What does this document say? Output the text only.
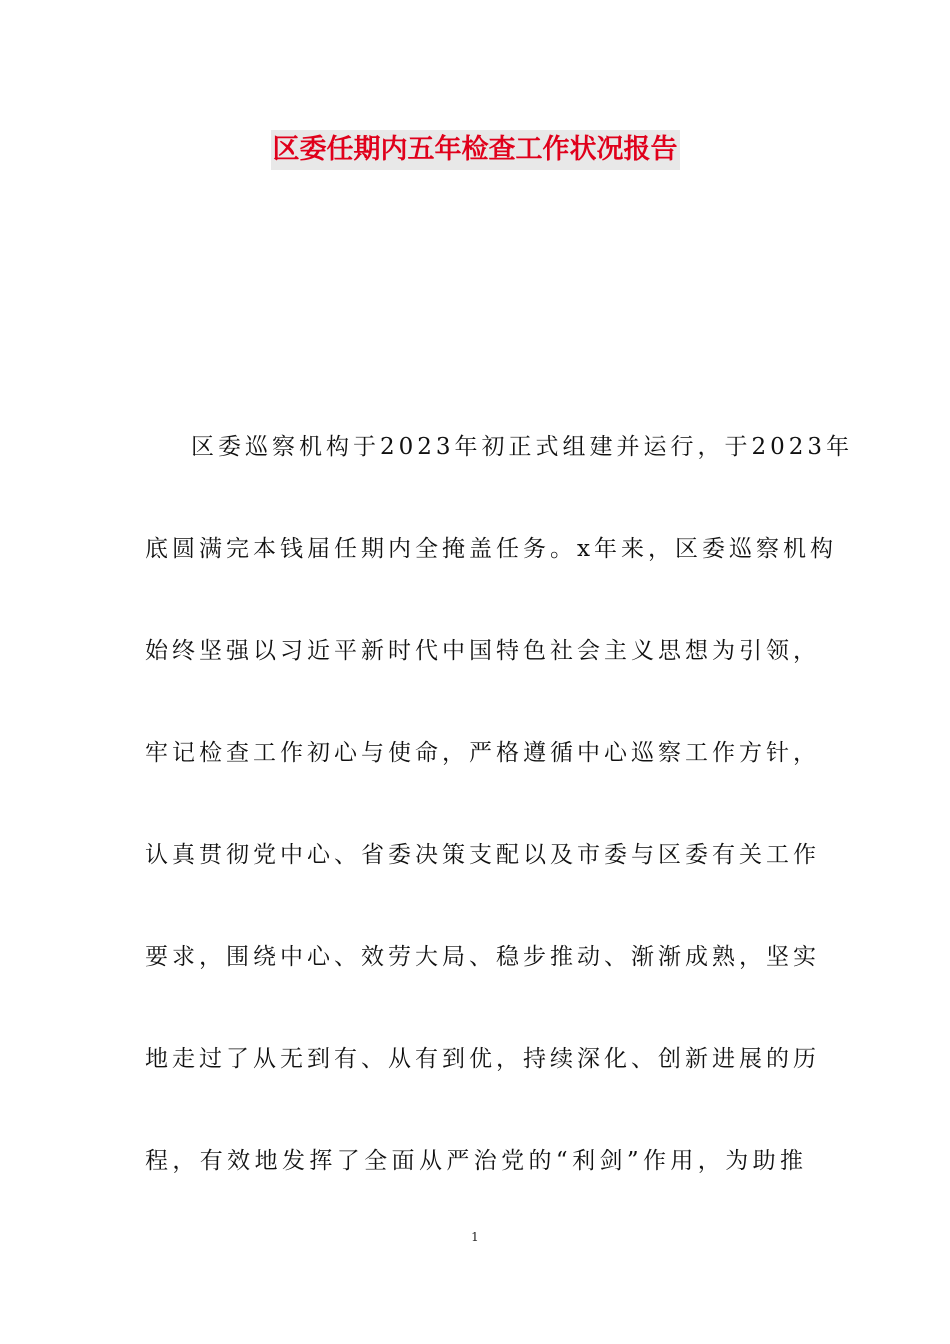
区委任期内五年检查工作状况报告
区委巡察机构于2023年初正式组建并运行，于2023年
底圆满完本钱届任期内全掩盖任务。x年来，区委巡察机构
始终坚强以习近平新时代中国特色社会主义思想为引领，
牢记检查工作初心与使命，严格遵循中心巡察工作方针，
认真贯彻党中心、省委决策支配以及市委与区委有关工作
要求，围绕中心、效劳大局、稳步推动、渐渐成熟，坚实
地走过了从无到有、从有到优，持续深化、创新进展的历
程，有效地发挥了全面从严治党的“利剑”作用，为助推
1
